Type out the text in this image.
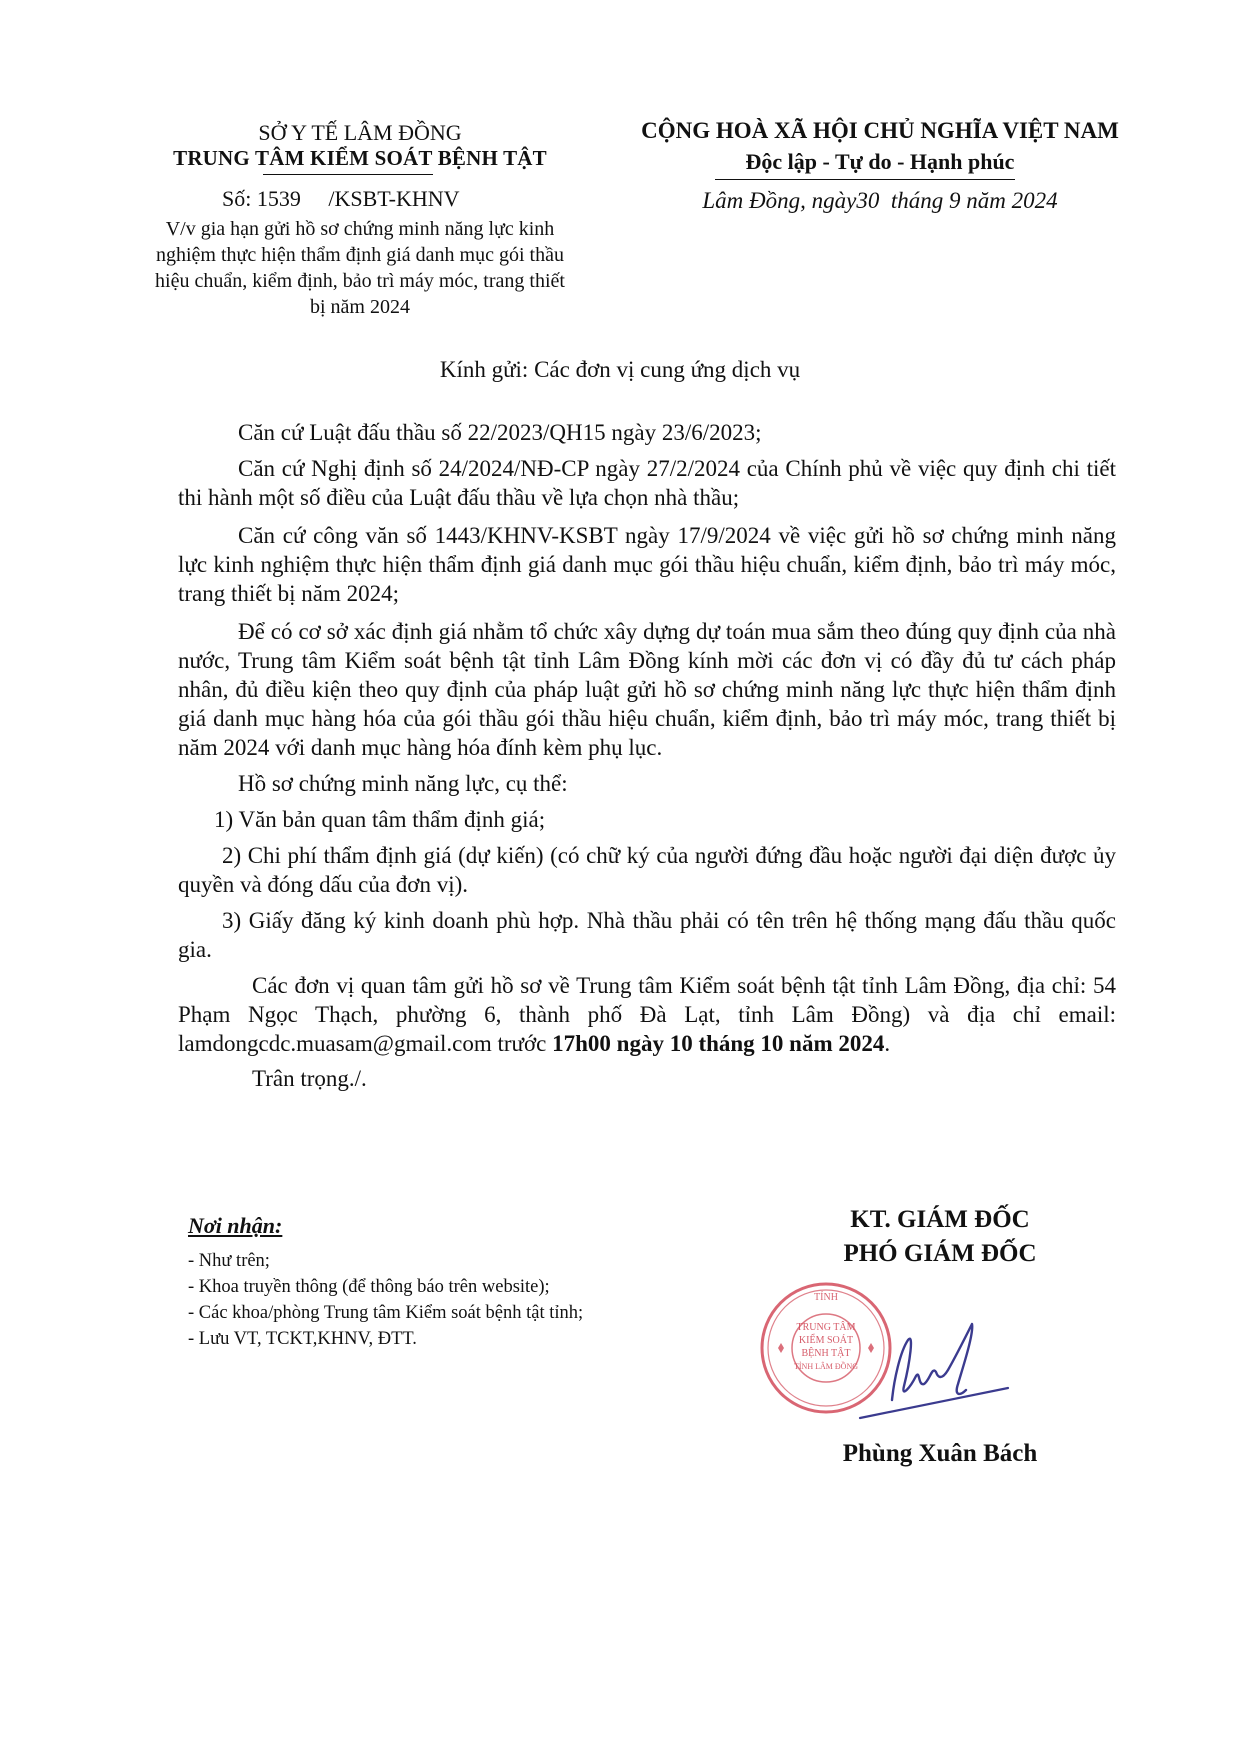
SỞ Y TẾ LÂM ĐỒNG
TRUNG TÂM KIỂM SOÁT BỆNH TẬT
Số: 1539     /KSBT-KHNV
V/v gia hạn gửi hồ sơ chứng minh năng lực kinh nghiệm thực hiện thẩm định giá danh mục gói thầu hiệu chuẩn, kiểm định, bảo trì máy móc, trang thiết bị năm 2024
CỘNG HOÀ XÃ HỘI CHỦ NGHĨA VIỆT NAM
Độc lập - Tự do - Hạnh phúc
Lâm Đồng, ngày30  tháng 9 năm 2024
Kính gửi: Các đơn vị cung ứng dịch vụ

Căn cứ Luật đấu thầu số 22/2023/QH15 ngày 23/6/2023;

Căn cứ Nghị định số 24/2024/NĐ-CP ngày 27/2/2024 của Chính phủ về việc quy định chi tiết thi hành một số điều của Luật đấu thầu về lựa chọn nhà thầu;

Căn cứ công văn số 1443/KHNV-KSBT ngày 17/9/2024 về việc gửi hồ sơ chứng minh năng lực kinh nghiệm thực hiện thẩm định giá danh mục gói thầu hiệu chuẩn, kiểm định, bảo trì máy móc, trang thiết bị năm 2024;

Để có cơ sở xác định giá nhằm tổ chức xây dựng dự toán mua sắm theo đúng quy định của nhà nước, Trung tâm Kiểm soát bệnh tật tỉnh Lâm Đồng kính mời các đơn vị có đầy đủ tư cách pháp nhân, đủ điều kiện theo quy định của pháp luật gửi hồ sơ chứng minh năng lực thực hiện thẩm định giá danh mục hàng hóa của gói thầu gói thầu hiệu chuẩn, kiểm định, bảo trì máy móc, trang thiết bị năm 2024 với danh mục hàng hóa đính kèm phụ lục.

Hồ sơ chứng minh năng lực, cụ thể:

1) Văn bản quan tâm thẩm định giá;

2) Chi phí thẩm định giá (dự kiến) (có chữ ký của người đứng đầu hoặc người đại diện được ủy quyền và đóng dấu của đơn vị).

3) Giấy đăng ký kinh doanh phù hợp. Nhà thầu phải có tên trên hệ thống mạng đấu thầu quốc gia.

Các đơn vị quan tâm gửi hồ sơ về Trung tâm Kiểm soát bệnh tật tỉnh Lâm Đồng, địa chỉ: 54 Phạm Ngọc Thạch, phường 6, thành phố Đà Lạt, tỉnh Lâm Đồng) và địa chỉ email: lamdongcdc.muasam@gmail.com trước 17h00 ngày 10 tháng 10 năm 2024.

Trân trọng./.

Nơi nhận:
- Như trên;
- Khoa truyền thông (để thông báo trên website);
- Các khoa/phòng Trung tâm Kiểm soát bệnh tật tỉnh;
- Lưu VT, TCKT,KHNV, ĐTT.
KT. GIÁM ĐỐC
PHÓ GIÁM ĐỐC
TỈNH
TRUNG TÂM
KIỂM SOÁT
BỆNH TẬT
TỈNH LÂM ĐỒNG
Phùng Xuân Bách
